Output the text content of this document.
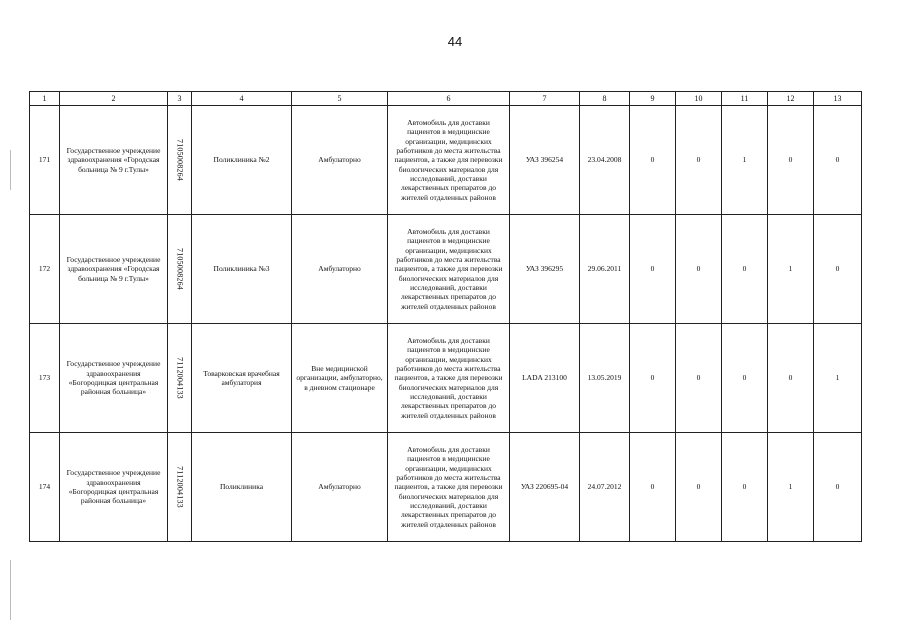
44
1	2	3	4	5	6	7	8	9	10	11	12	13
171	Государственное учреждение здравоохранения «Городская больница № 9 г.Тулы»	7105008264	Поликлиника №2	Амбулаторно	Автомобиль для доставки пациентов в медицинские организации, медицинских работников до места жительства пациентов, а также для перевозки биологических материалов для исследований, доставки лекарственных препаратов до жителей отдаленных районов	УАЗ 396254	23.04.2008	0	0	1	0	0
172	Государственное учреждение здравоохранения «Городская больница № 9 г.Тулы»	7105008264	Поликлиника №3	Амбулаторно	Автомобиль для доставки пациентов в медицинские организации, медицинских работников до места жительства пациентов, а также для перевозки биологических материалов для исследований, доставки лекарственных препаратов до жителей отдаленных районов	УАЗ 396295	29.06.2011	0	0	0	1	0
173	Государственное учреждение здравоохранения «Богородицкая центральная районная больница»	7112004133	Товарковская врачебная амбулатория	Вне медицинской организации, амбулаторно, в дневном стационаре	Автомобиль для доставки пациентов в медицинские организации, медицинских работников до места жительства пациентов, а также для перевозки биологических материалов для исследований, доставки лекарственных препаратов до жителей отдаленных районов	LADA 213100	13.05.2019	0	0	0	0	1
174	Государственное учреждение здравоохранения «Богородицкая центральная районная больница»	7112004133	Поликлиника	Амбулаторно	Автомобиль для доставки пациентов в медицинские организации, медицинских работников до места жительства пациентов, а также для перевозки биологических материалов для исследований, доставки лекарственных препаратов до жителей отдаленных районов	УАЗ 220695-04	24.07.2012	0	0	0	1	0
